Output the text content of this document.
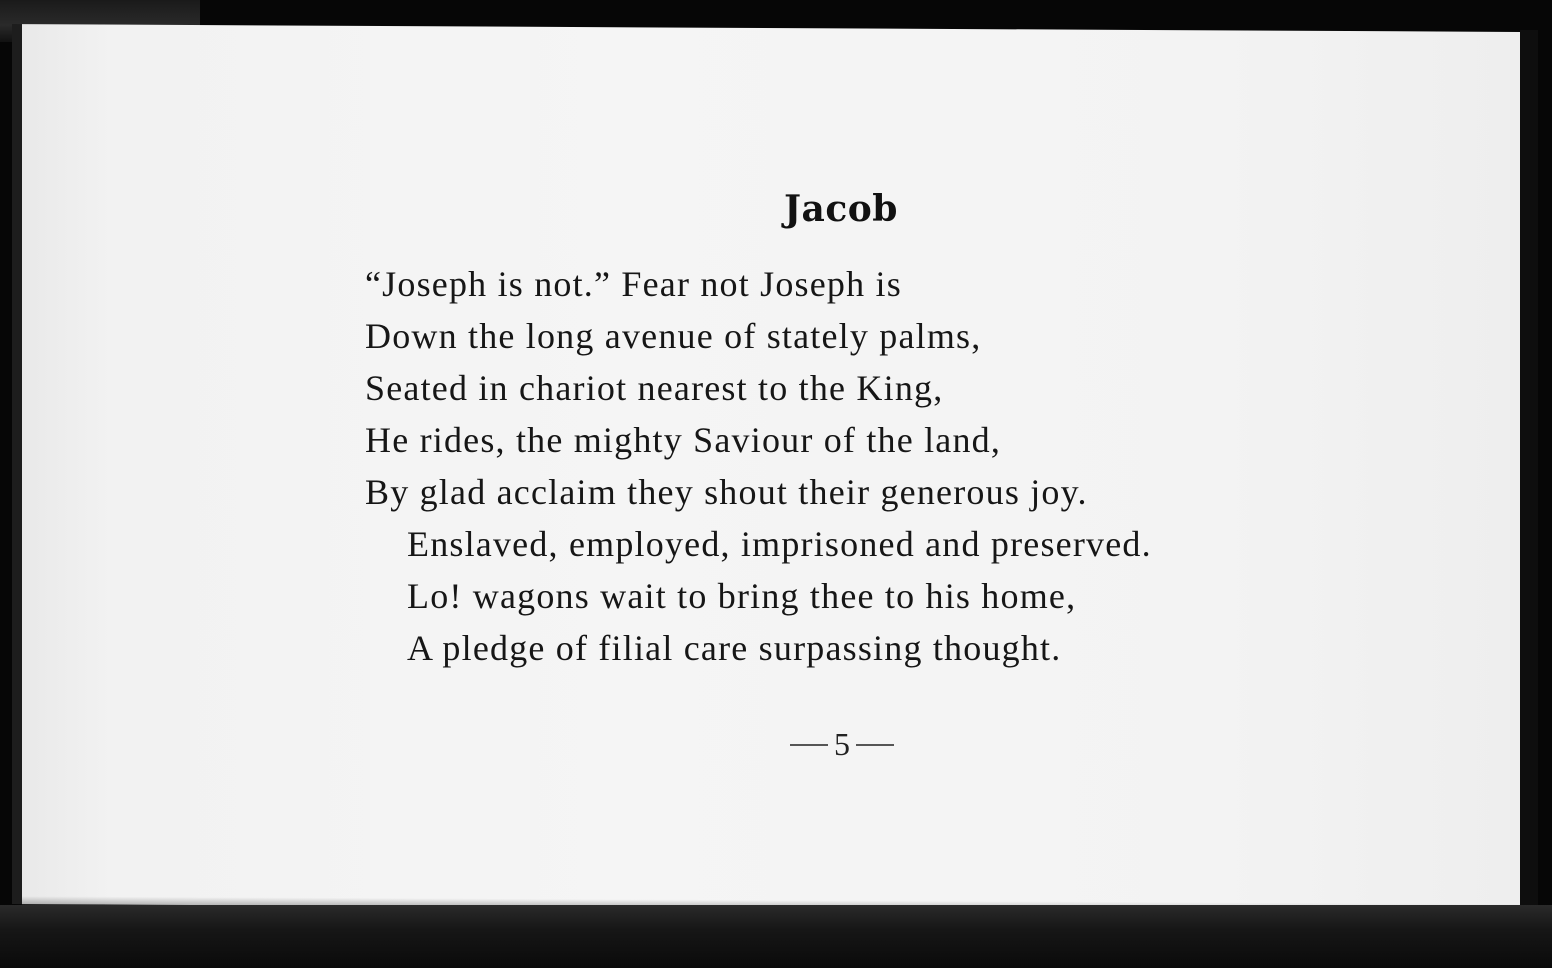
Jacob
“Joseph is not.” Fear not Joseph is
Down the long avenue of stately palms,
Seated in chariot nearest to the King,
He rides, the mighty Saviour of the land,
By glad acclaim they shout their generous joy.
Enslaved, employed, imprisoned and preserved.
Lo! wagons wait to bring thee to his home,
A pledge of filial care surpassing thought.
5
